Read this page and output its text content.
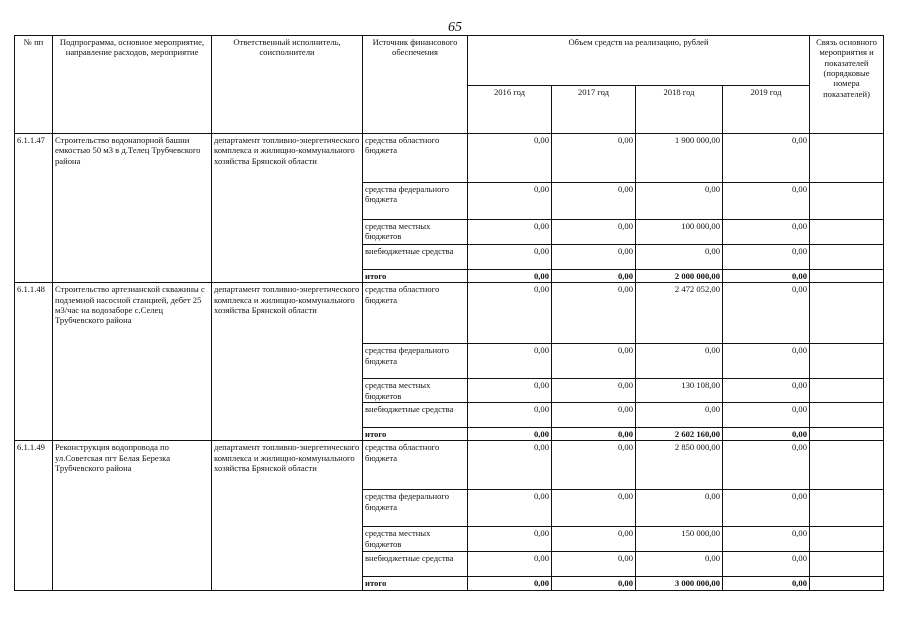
65
№ пп	Подпрограмма, основное мероприятие, направление расходов, мероприятие	Ответственный исполнитель, соисполнители	Источник финансового обеспечения	Объем средств на реализацию, рублей				Связь основного мероприятия и показателей (порядковые номера показателей)
				2016 год	2017 год	2018 год	2019 год	
6.1.1.47	Строительство водонапорной башни емкостью 50 м3 в д.Телец Трубчевского района	департамент топливно-энергетического комплекса и жилищно-коммунального хозяйства Брянской области	средства областного бюджета	0,00	0,00	1 900 000,00	0,00	
			средства федерального бюджета	0,00	0,00	0,00	0,00	
			средства местных бюджетов	0,00	0,00	100 000,00	0,00	
			внебюджетные средства	0,00	0,00	0,00	0,00	
			итого	0,00	0,00	2 000 000,00	0,00	
6.1.1.48	Строительство артезианской скважины с подземной насосной станцией, дебет 25 м3/час на водозаборе с.Селец Трубчевского района	департамент топливно-энергетического комплекса и жилищно-коммунального хозяйства Брянской области	средства областного бюджета	0,00	0,00	2 472 052,00	0,00	
			средства федерального бюджета	0,00	0,00	0,00	0,00	
			средства местных бюджетов	0,00	0,00	130 108,00	0,00	
			внебюджетные средства	0,00	0,00	0,00	0,00	
			итого	0,00	0,00	2 602 160,00	0,00	
6.1.1.49	Реконструкция водопровода по ул.Советская пгт Белая Березка Трубчевского района	департамент топливно-энергетического комплекса и жилищно-коммунального хозяйства Брянской области	средства областного бюджета	0,00	0,00	2 850 000,00	0,00	
			средства федерального бюджета	0,00	0,00	0,00	0,00	
			средства местных бюджетов	0,00	0,00	150 000,00	0,00	
			внебюджетные средства	0,00	0,00	0,00	0,00	
			итого	0,00	0,00	3 000 000,00	0,00	
